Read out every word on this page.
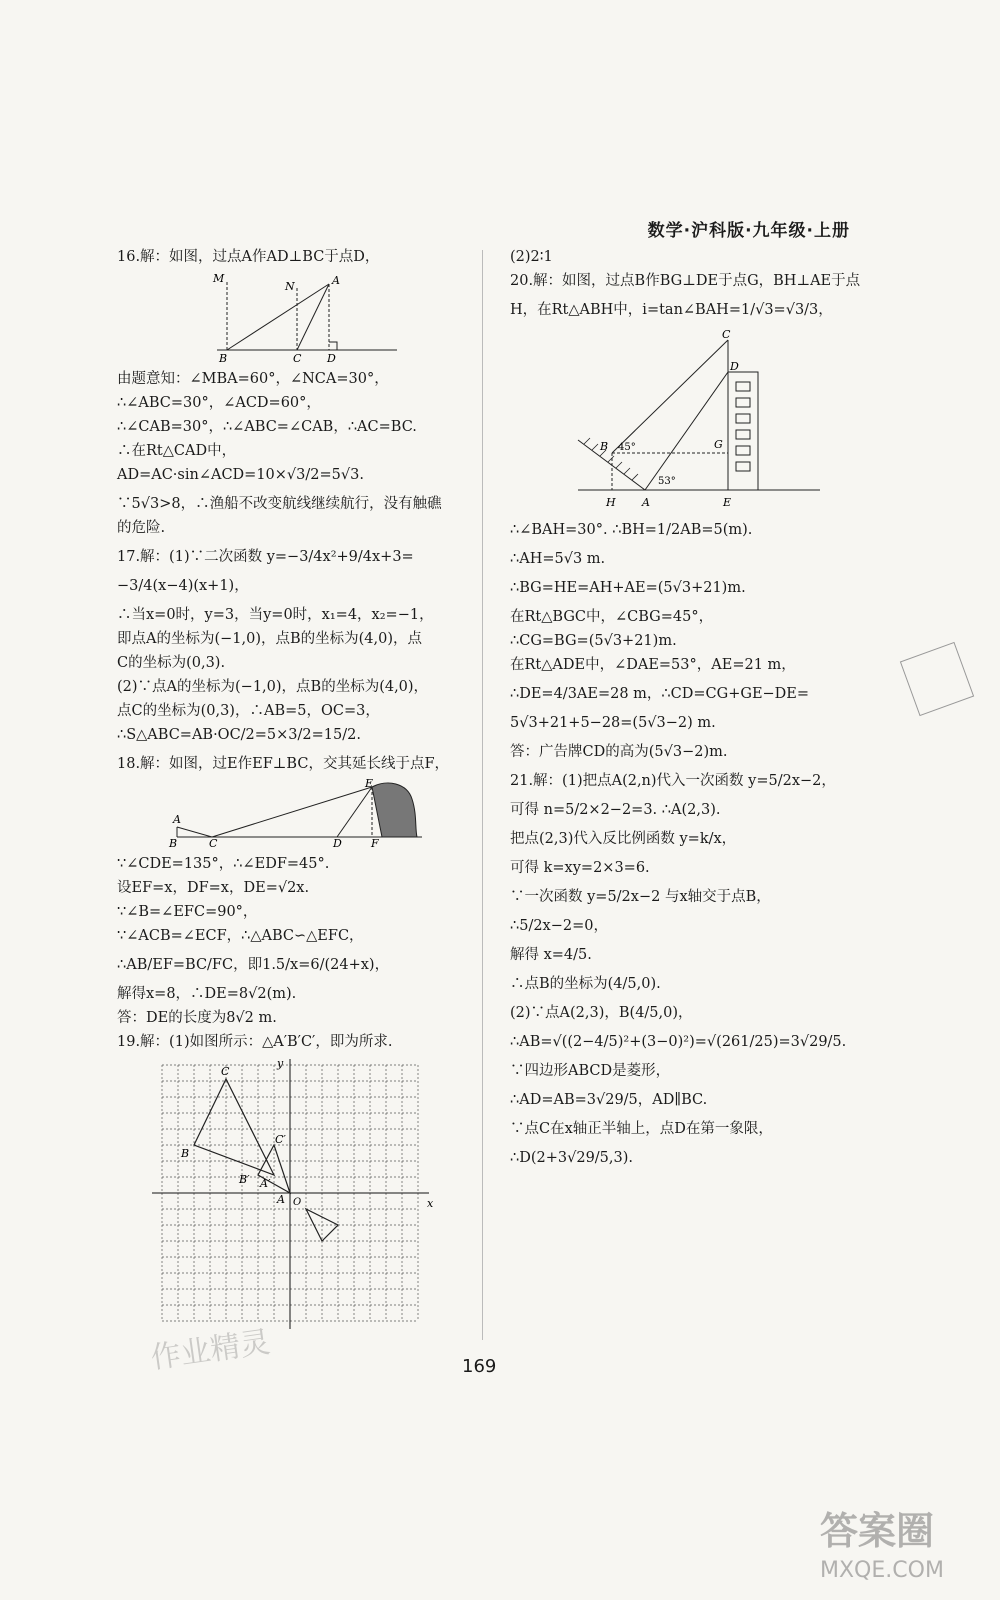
数学·沪科版·九年级·上册
16.解：如图，过点A作AD⊥BC于点D，
M
N	A
B	C D
由题意知：∠MBA=60°，∠NCA=30°，
∴∠ABC=30°，∠ACD=60°，
∴∠CAB=30°，∴∠ABC=∠CAB，∴AC=BC.
∴在Rt△CAD中，
AD=AC·sin∠ACD=10×√3/2=5√3.
∵5√3>8，∴渔船不改变航线继续航行，没有触礁
的危险.
17.解：(1)∵二次函数 y=−3/4x²+9/4x+3=
−3/4(x−4)(x+1)，
∴当x=0时，y=3，当y=0时，x₁=4，x₂=−1，
即点A的坐标为(−1,0)，点B的坐标为(4,0)，点
C的坐标为(0,3).
(2)∵点A的坐标为(−1,0)，点B的坐标为(4,0)，
点C的坐标为(0,3)，∴AB=5，OC=3，
∴S△ABC=AB·OC/2=5×3/2=15/2.
18.解：如图，过E作EF⊥BC，交其延长线于点F，
A
B	C	D
E
F
∵∠CDE=135°，∴∠EDF=45°.
设EF=x，DF=x，DE=√2x.
∵∠B=∠EFC=90°，
∵∠ACB=∠ECF，∴△ABC∽△EFC，
∴AB/EF=BC/FC，即1.5/x=6/(24+x)，
解得x=8，∴DE=8√2(m).
答：DE的长度为8√2 m.
19.解：(1)如图所示：△A′B′C′，即为所求.
C
B
C′
B′ A′
A O	x
y
(2)2∶1
20.解：如图，过点B作BG⊥DE于点G，BH⊥AE于点
H，在Rt△ABH中，i=tan∠BAH=1/√3=√3/3，
C
D
B 45°	G
53°
H A	E
∴∠BAH=30°. ∴BH=1/2AB=5(m).
∴AH=5√3 m.
∴BG=HE=AH+AE=(5√3+21)m.
在Rt△BGC中，∠CBG=45°，
∴CG=BG=(5√3+21)m.
在Rt△ADE中，∠DAE=53°，AE=21 m，
∴DE=4/3AE=28 m，∴CD=CG+GE−DE=
5√3+21+5−28=(5√3−2) m.
答：广告牌CD的高为(5√3−2)m.
21.解：(1)把点A(2,n)代入一次函数 y=5/2x−2，
可得 n=5/2×2−2=3. ∴A(2,3).
把点(2,3)代入反比例函数 y=k/x，
可得 k=xy=2×3=6.
∵一次函数 y=5/2x−2 与x轴交于点B，
∴5/2x−2=0，
解得 x=4/5.
∴点B的坐标为(4/5,0).
(2)∵点A(2,3)，B(4/5,0)，
∴AB=√((2−4/5)²+(3−0)²)=√(261/25)=3√29/5.
∵四边形ABCD是菱形，
∴AD=AB=3√29/5，AD∥BC.
∵点C在x轴正半轴上，点D在第一象限，
∴D(2+3√29/5,3).
169
作业精灵
答案圈
MXQE.COM
